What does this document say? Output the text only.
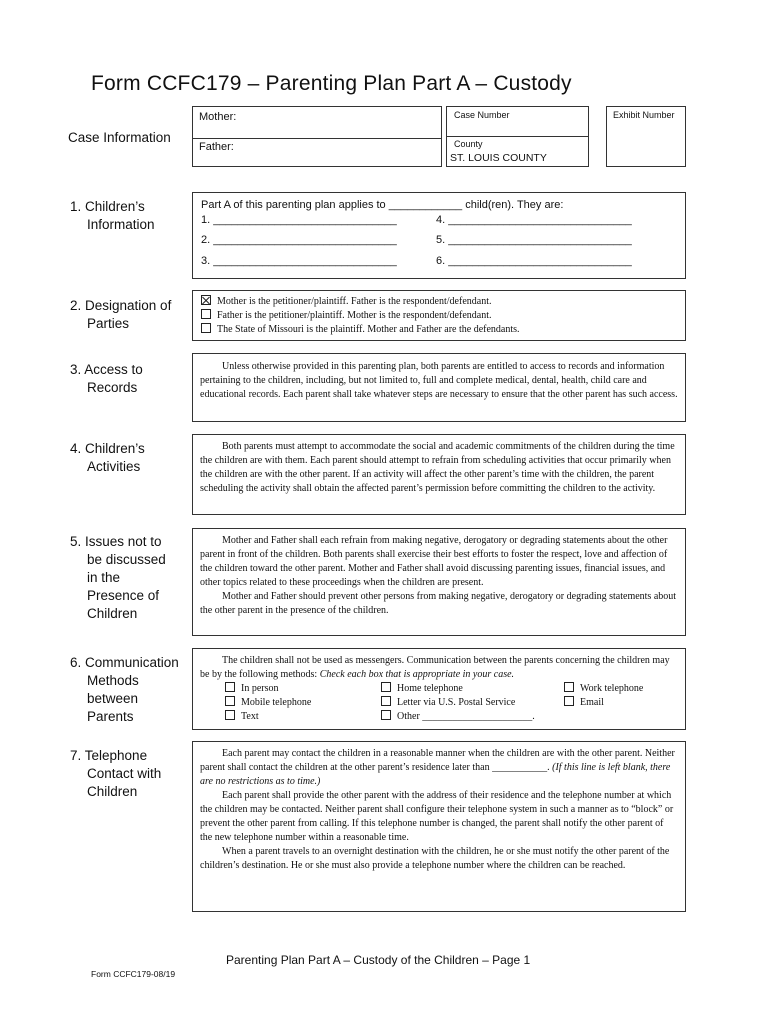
Form CCFC179 – Parenting Plan Part A – Custody
Case Information
Mother:
Father:
Case Number
County
ST. LOUIS COUNTY
Exhibit Number
1. Children’s
Information
Part A of this parenting plan applies to ____________ child(ren). They are:
1. ______________________________	4. ______________________________
2. ______________________________	5. ______________________________
3. ______________________________	6. ______________________________
2. Designation of
Parties
Mother is the petitioner/plaintiff. Father is the respondent/defendant.
Father is the petitioner/plaintiff. Mother is the respondent/defendant.
The State of Missouri is the plaintiff. Mother and Father are the defendants.
3. Access to
Records

Unless otherwise provided in this parenting plan, both parents are entitled to access to records and information pertaining to the children, including, but not limited to, full and complete medical, dental, health, child care and educational records. Each parent shall take whatever steps are necessary to ensure that the other parent has such access.

4. Children’s
Activities

Both parents must attempt to accommodate the social and academic commitments of the children during the time the children are with them. Each parent should attempt to refrain from scheduling activities that occur primarily when the children are with the other parent. If an activity will affect the other parent’s time with the children, the parent scheduling the activity shall obtain the affected parent’s permission before committing the children to the activity.

5. Issues not to
be discussed
in the
Presence of
Children

Mother and Father shall each refrain from making negative, derogatory or degrading statements about the other parent in front of the children. Both parents shall exercise their best efforts to foster the respect, love and affection of the children toward the other parent. Mother and Father shall avoid discussing parenting issues, financial issues, and other topics related to these proceedings when the children are present.

Mother and Father should prevent other persons from making negative, derogatory or degrading statements about the other parent in the presence of the children.

6. Communication
Methods
between
Parents

The children shall not be used as messengers. Communication between the parents concerning the children may be by the following methods: Check each box that is appropriate in your case.

In person	Home telephone	Work telephone
Mobile telephone	Letter via U.S. Postal Service	Email
Text	Other ______________________.
7. Telephone
Contact with
Children

Each parent may contact the children in a reasonable manner when the children are with the other parent. Neither parent shall contact the children at the other parent’s residence later than ___________. (If this line is left blank, there are no restrictions as to time.)

Each parent shall provide the other parent with the address of their residence and the telephone number at which the children may be contacted. Neither parent shall configure their telephone system in such a manner as to “block” or prevent the other parent from calling. If this telephone number is changed, the parent shall notify the other parent of the new telephone number within a reasonable time.

When a parent travels to an overnight destination with the children, he or she must notify the other parent of the children’s destination. He or she must also provide a telephone number where the children can be reached.

Parenting Plan Part A – Custody of the Children – Page 1
Form CCFC179-08/19
